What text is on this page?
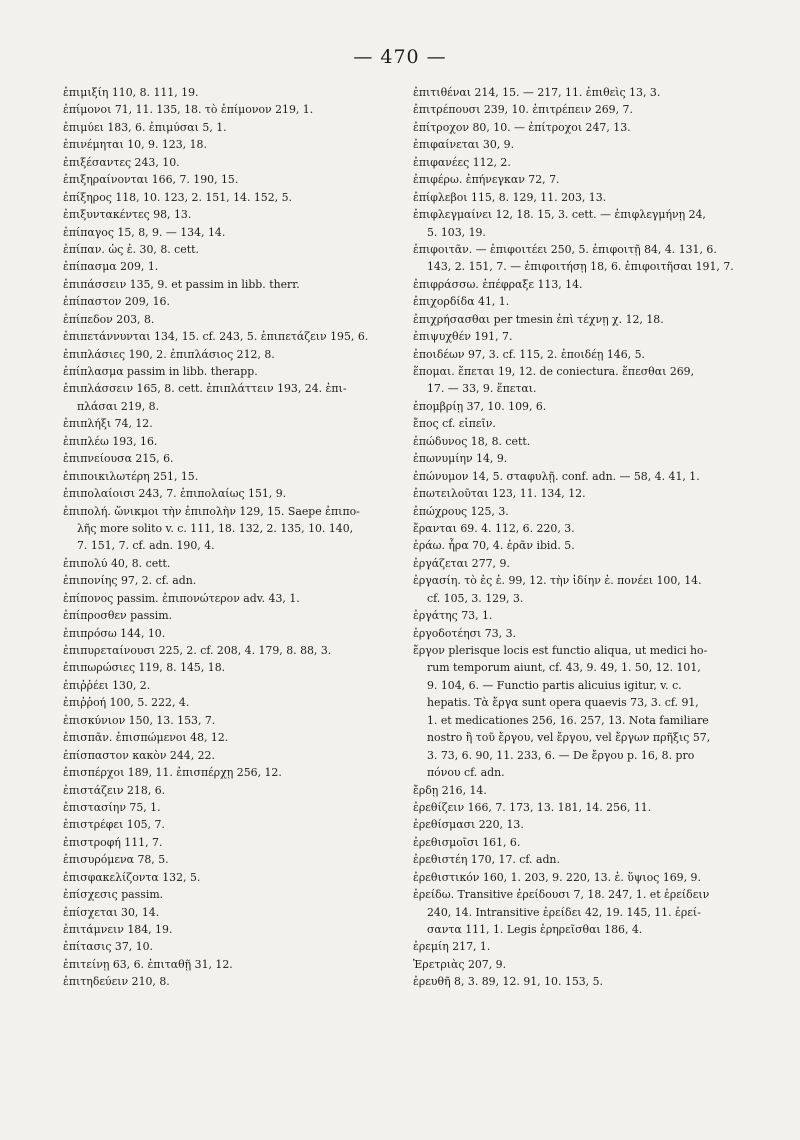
— 470 —
ἐπιμιξίη 110, 8. 111, 19.
ἐπίμονοι 71, 11. 135, 18. τὸ ἐπίμονον 219, 1.
ἐπιμύει 183, 6. ἐπιμύσαι 5, 1.
ἐπινέμηται 10, 9. 123, 18.
ἐπιξέσαντες 243, 10.
ἐπιξηραίνονται 166, 7. 190, 15.
ἐπίξηρος 118, 10. 123, 2. 151, 14. 152, 5.
ἐπιξυντακέντες 98, 13.
ἐπίπαγος 15, 8, 9. — 134, 14.
ἐπίπαν. ὡς ἐ. 30, 8. cett.
ἐπίπασμα 209, 1.
ἐπιπάσσειν 135, 9. et passim in libb. therr.
ἐπίπαστον 209, 16.
ἐπίπεδον 203, 8.
ἐπιπετάννυνται 134, 15. cf. 243, 5. ἐπιπετάζειν 195, 6.
ἐπιπλάσιες 190, 2. ἐπιπλάσιος 212, 8.
ἐπίπλασμα passim in libb. therapp.
ἐπιπλάσσειν 165, 8. cett. ἐπιπλάττειν 193, 24. ἐπι-
πλάσαι 219, 8.
ἐπιπλήξι 74, 12.
ἐπιπλέω 193, 16.
ἐπιπνείουσα 215, 6.
ἐπιποικιλωτέρη 251, 15.
ἐπιπολαίοισι 243, 7. ἐπιπολαίως 151, 9.
ἐπιπολή. ὥνικμοι τὴν ἐπιπολὴν 129, 15. Saepe ἐπιπο-
λῆς more solito v. c. 111, 18. 132, 2. 135, 10. 140,
7. 151, 7. cf. adn. 190, 4.
ἐπιπολύ 40, 8. cett.
ἐπιπονίης 97, 2. cf. adn.
ἐπίπονος passim. ἐπιπονώτερον adv. 43, 1.
ἐπίπροσθεν passim.
ἐπιπρόσω 144, 10.
ἐπιπυρεταίνουσι 225, 2. cf. 208, 4. 179, 8. 88, 3.
ἐπιπωρώσιες 119, 8. 145, 18.
ἐπιῤῥέει 130, 2.
ἐπιῤῥοή 100, 5. 222, 4.
ἐπισκύνιον 150, 13. 153, 7.
ἐπισπᾶν. ἐπισπώμενοι 48, 12.
ἐπίσπαστον κακὸν 244, 22.
ἐπισπέρχοι 189, 11. ἐπισπέρχῃ 256, 12.
ἐπιστάζειν 218, 6.
ἐπιστασίην 75, 1.
ἐπιστρέφει 105, 7.
ἐπιστροφή 111, 7.
ἐπισυρόμενα 78, 5.
ἐπισφακελίζοντα 132, 5.
ἐπίσχεσις passim.
ἐπίσχεται 30, 14.
ἐπιτάμνειν 184, 19.
ἐπίτασις 37, 10.
ἐπιτείνῃ 63, 6. ἐπιταθῇ 31, 12.
ἐπιτηδεύειν 210, 8.
ἐπιτιθέναι 214, 15. — 217, 11. ἐπιθεὶς 13, 3.
ἐπιτρέπουσι 239, 10. ἐπιτρέπειν 269, 7.
ἐπίτροχον 80, 10. — ἐπίτροχοι 247, 13.
ἐπιφαίνεται 30, 9.
ἐπιφανέες 112, 2.
ἐπιφέρω. ἐπήνεγκαν 72, 7.
ἐπίφλεβοι 115, 8. 129, 11. 203, 13.
ἐπιφλεγμαίνει 12, 18. 15, 3. cett. — ἐπιφλεγμήνῃ 24,
5. 103, 19.
ἐπιφοιτᾶν. — ἐπιφοιτέει 250, 5. ἐπιφοιτῇ 84, 4. 131, 6.
143, 2. 151, 7. — ἐπιφοιτήσῃ 18, 6. ἐπιφοιτῆσαι 191, 7.
ἐπιφράσσω. ἐπέφραξε 113, 14.
ἐπιχορδίδα 41, 1.
ἐπιχρήσασθαι per tmesin ἐπὶ τέχνῃ χ. 12, 18.
ἐπιψυχθέν 191, 7.
ἐποιδέων 97, 3. cf. 115, 2. ἐποιδέῃ 146, 5.
ἕπομαι. ἕπεται 19, 12. de coniectura. ἕπεσθαι 269,
17. — 33, 9. ἕπεται.
ἐπομβρίῃ 37, 10. 109, 6.
ἔπος cf. εἰπεῖν.
ἐπώδυνος 18, 8. cett.
ἐπωνυμίην 14, 9.
ἐπώνυμον 14, 5. σταφυλῇ. conf. adn. — 58, 4. 41, 1.
ἐπωτειλοῦται 123, 11. 134, 12.
ἐπώχρους 125, 3.
ἔρανται 69. 4. 112, 6. 220, 3.
ἐράω. ἦρα 70, 4. ἐρᾶν ibid. 5.
ἐργάζεται 277, 9.
ἐργασίη. τὸ ἐς ἐ. 99, 12. τὴν ἰδίην ἐ. πονέει 100, 14.
cf. 105, 3. 129, 3.
ἐργάτης 73, 1.
ἐργοδοτέησι 73, 3.
ἔργον plerisque locis est functio aliqua, ut medici ho-
rum temporum aiunt, cf. 43, 9. 49, 1. 50, 12. 101,
9. 104, 6. — Functio partis alicuius igitur, v. c.
hepatis. Τὰ ἔργα sunt opera quaevis 73, 3. cf. 91,
1. et medicationes 256, 16. 257, 13. Nota familiare
nostro ἢ τοῦ ἔργου, vel ἔργου, vel ἔργων πρῆξις 57,
3. 73, 6. 90, 11. 233, 6. — De ἔργου p. 16, 8. pro
πόνου cf. adn.
ἔρδῃ 216, 14.
ἐρεθίζειν 166, 7. 173, 13. 181, 14. 256, 11.
ἐρεθίσμασι 220, 13.
ἐρεθισμοῖσι 161, 6.
ἐρεθιστέη 170, 17. cf. adn.
ἐρεθιστικόν 160, 1. 203, 9. 220, 13. ἐ. ὕψιος 169, 9.
ἐρείδω. Transitive ἐρείδουσι 7, 18. 247, 1. et ἐρείδειν
240, 14. Intransitive ἐρείδει 42, 19. 145, 11. ἐρεί-
σαντα 111, 1. Legis ἐρηρεῖσθαι 186, 4.
ἐρεμίη 217, 1.
Ἐρετριὰς 207, 9.
ἐρευθῆ 8, 3. 89, 12. 91, 10. 153, 5.
